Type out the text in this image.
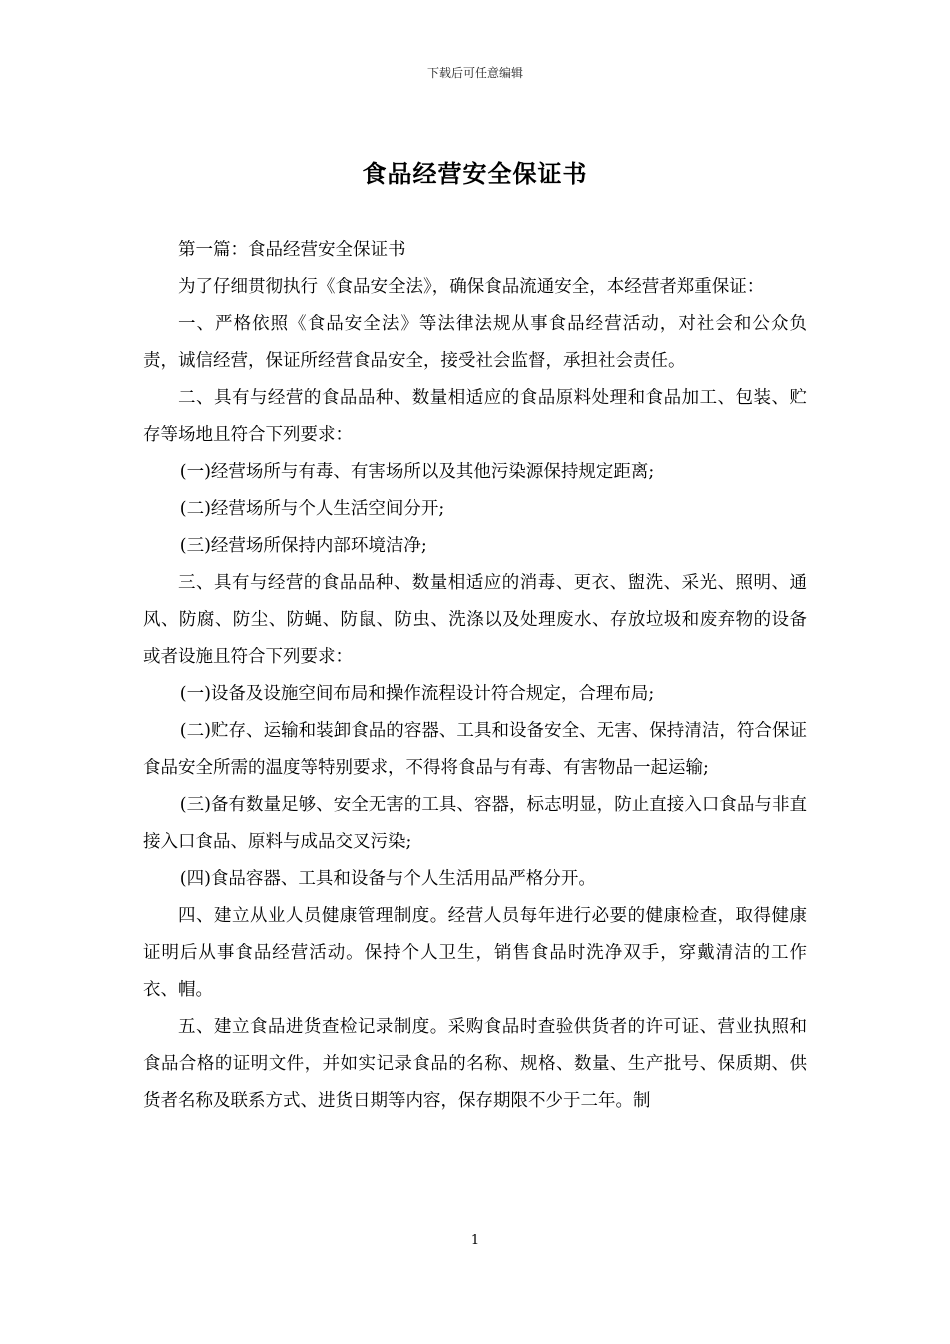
下载后可任意编辑
食品经营安全保证书

第一篇：食品经营安全保证书

为了仔细贯彻执行《食品安全法》，确保食品流通安全，本经营者郑重保证：

一、严格依照《食品安全法》等法律法规从事食品经营活动，对社会和公众负责，诚信经营，保证所经营食品安全，接受社会监督，承担社会责任。

二、具有与经营的食品品种、数量相适应的食品原料处理和食品加工、包装、贮存等场地且符合下列要求：

(一)经营场所与有毒、有害场所以及其他污染源保持规定距离;

(二)经营场所与个人生活空间分开;

(三)经营场所保持内部环境洁净;

三、具有与经营的食品品种、数量相适应的消毒、更衣、盥洗、采光、照明、通风、防腐、防尘、防蝇、防鼠、防虫、洗涤以及处理废水、存放垃圾和废弃物的设备或者设施且符合下列要求：

(一)设备及设施空间布局和操作流程设计符合规定，合理布局;

(二)贮存、运输和装卸食品的容器、工具和设备安全、无害、保持清洁，符合保证食品安全所需的温度等特别要求，不得将食品与有毒、有害物品一起运输;

(三)备有数量足够、安全无害的工具、容器，标志明显，防止直接入口食品与非直接入口食品、原料与成品交叉污染;

(四)食品容器、工具和设备与个人生活用品严格分开。

四、建立从业人员健康管理制度。经营人员每年进行必要的健康检查，取得健康证明后从事食品经营活动。保持个人卫生，销售食品时洗净双手，穿戴清洁的工作衣、帽。

五、建立食品进货查检记录制度。采购食品时查验供货者的许可证、营业执照和食品合格的证明文件，并如实记录食品的名称、规格、数量、生产批号、保质期、供货者名称及联系方式、进货日期等内容，保存期限不少于二年。制

1
